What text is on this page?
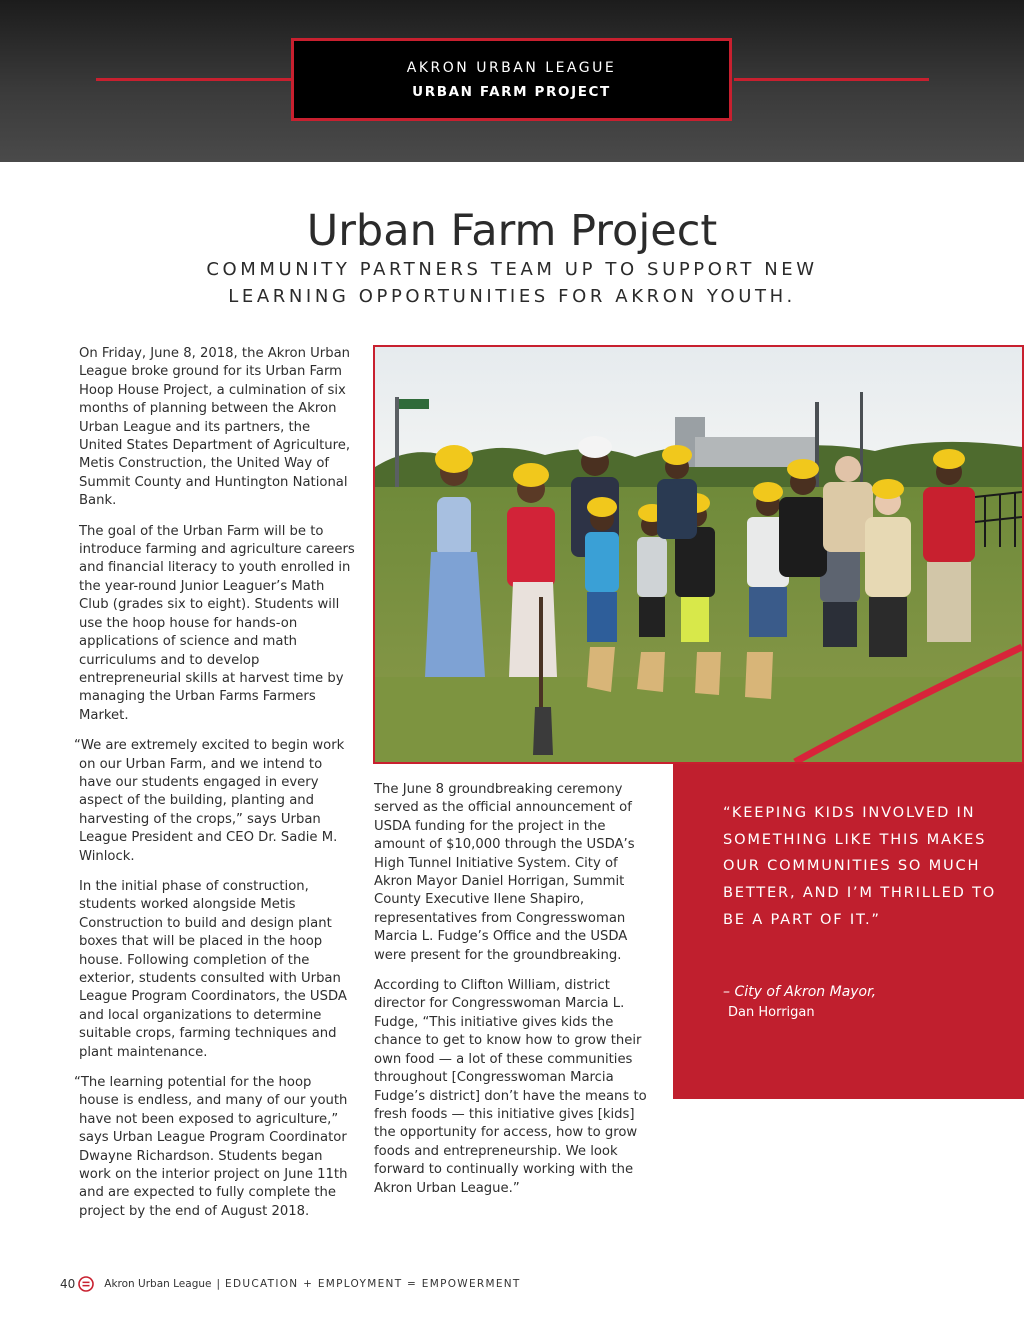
AKRON URBAN LEAGUE
URBAN FARM PROJECT
Urban Farm Project
COMMUNITY PARTNERS TEAM UP TO SUPPORT NEW
LEARNING OPPORTUNITIES FOR AKRON YOUTH.

On Friday, June 8, 2018, the Akron Urban League broke ground for its Urban Farm Hoop House Project, a culmination of six months of planning between the Akron Urban League and its partners, the United States Department of Agriculture, Metis Construction, the United Way of Summit County and Huntington National Bank.

The goal of the Urban Farm will be to introduce farming and agriculture careers and financial literacy to youth enrolled in the year-round Junior Leaguer’s Math Club (grades six to eight). Students will use the hoop house for hands-on applications of science and math curriculums and to develop entrepreneurial skills at harvest time by managing the Urban Farms Farmers Market.

“We are extremely excited to begin work on our Urban Farm, and we intend to have our students engaged in every aspect of the building, planting and harvesting of the crops,” says Urban League President and CEO Dr. Sadie M. Winlock.

In the initial phase of construction, students worked alongside Metis Construction to build and design plant boxes that will be placed in the hoop house. Following completion of the exterior, students consulted with Urban League Program Coordinators, the USDA and local organizations to determine suitable crops, farming techniques and plant maintenance.

“The learning potential for the hoop house is endless, and many of our youth have not been exposed to agriculture,” says Urban League Program Coordinator Dwayne Richardson. Students began work on the interior project on June 11th and are expected to fully complete the project by the end of August 2018.

The June 8 groundbreaking ceremony served as the official announcement of USDA funding for the project in the amount of $10,000 through the USDA’s High Tunnel Initiative System. City of Akron Mayor Daniel Horrigan, Summit County Executive Ilene Shapiro, representatives from Congresswoman Marcia L. Fudge’s Office and the USDA were present for the groundbreaking.

According to Clifton William, district director for Congresswoman Marcia L. Fudge, “This initiative gives kids the chance to get to know how to grow their own food — a lot of these communities throughout [Congresswoman Marcia Fudge’s district] don’t have the means to fresh foods — this initiative gives [kids] the opportunity for access, how to grow foods and entrepreneurship. We look forward to continually working with the Akron Urban League.”

“KEEPING KIDS INVOLVED IN SOMETHING LIKE THIS MAKES OUR COMMUNITIES SO MUCH BETTER, AND I’M THRILLED TO BE A PART OF IT.”
– City of Akron Mayor,
Dan Horrigan
40	Akron Urban League | EDUCATION + EMPLOYMENT = EMPOWERMENT
